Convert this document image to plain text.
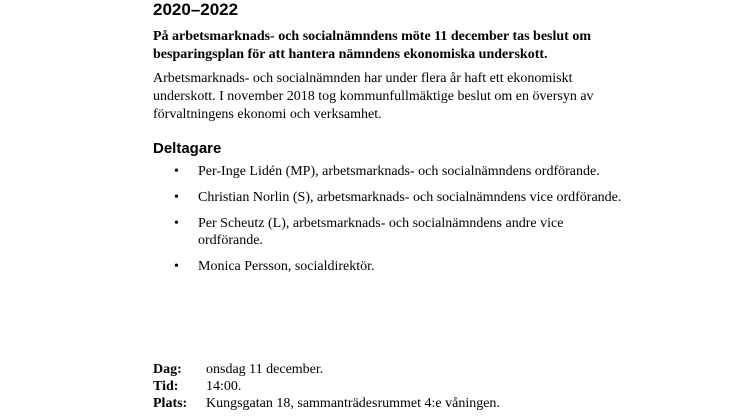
2020–2022

På arbetsmarknads- och socialnämndens möte 11 december tas beslut om besparingsplan för att hantera nämndens ekonomiska underskott.

Arbetsmarknads- och socialnämnden har under flera år haft ett ekonomiskt underskott. I november 2018 tog kommunfullmäktige beslut om en översyn av förvaltningens ekonomi och verksamhet.

Deltagare
• Per-Inge Lidén (MP), arbetsmarknads- och socialnämndens ordförande.
• Christian Norlin (S), arbetsmarknads- och socialnämndens vice ordförande.
• Per Scheutz (L), arbetsmarknads- och socialnämndens andre vice ordförande.
• Monica Persson, socialdirektör.
Dag: onsdag 11 december.
Tid: 14:00.
Plats: Kungsgatan 18, sammanträdesrummet 4:e våningen.
